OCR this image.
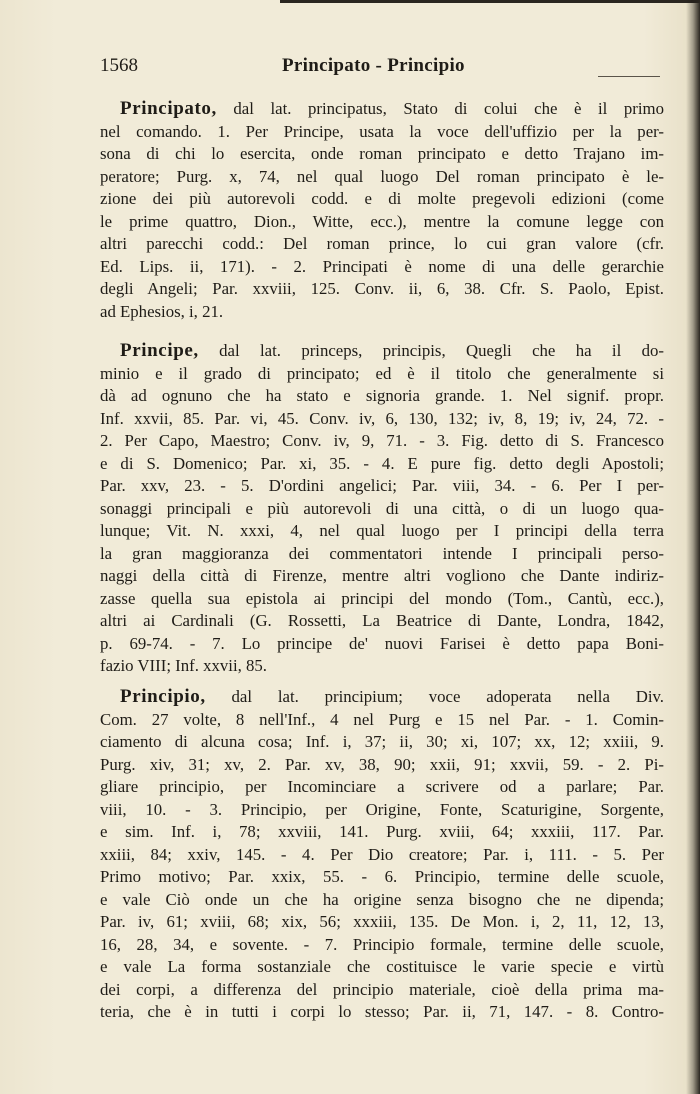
1568	Principato - Principio
Principato, dal lat. principatus, Stato di colui che è il primo
nel comando. 1. Per Principe, usata la voce dell'uffizio per la per-
sona di chi lo esercita, onde roman principato e detto Trajano im-
peratore; Purg. x, 74, nel qual luogo Del roman principato è le-
zione dei più autorevoli codd. e di molte pregevoli edizioni (come
le prime quattro, Dion., Witte, ecc.), mentre la comune legge con
altri parecchi codd.: Del roman prince, lo cui gran valore (cfr.
Ed. Lips. ii, 171). - 2. Principati è nome di una delle gerarchie
degli Angeli; Par. xxviii, 125. Conv. ii, 6, 38. Cfr. S. Paolo, Epist.
ad Ephesios, i, 21.
Principe, dal lat. princeps, principis, Quegli che ha il do-
minio e il grado di principato; ed è il titolo che generalmente si
dà ad ognuno che ha stato e signoria grande. 1. Nel signif. propr.
Inf. xxvii, 85. Par. vi, 45. Conv. iv, 6, 130, 132; iv, 8, 19; iv, 24, 72. -
2. Per Capo, Maestro; Conv. iv, 9, 71. - 3. Fig. detto di S. Francesco
e di S. Domenico; Par. xi, 35. - 4. E pure fig. detto degli Apostoli;
Par. xxv, 23. - 5. D'ordini angelici; Par. viii, 34. - 6. Per I per-
sonaggi principali e più autorevoli di una città, o di un luogo qua-
lunque; Vit. N. xxxi, 4, nel qual luogo per I principi della terra
la gran maggioranza dei commentatori intende I principali perso-
naggi della città di Firenze, mentre altri vogliono che Dante indiriz-
zasse quella sua epistola ai principi del mondo (Tom., Cantù, ecc.),
altri ai Cardinali (G. Rossetti, La Beatrice di Dante, Londra, 1842,
p. 69-74. - 7. Lo principe de' nuovi Farisei è detto papa Boni-
fazio VIII; Inf. xxvii, 85.
Principio, dal lat. principium; voce adoperata nella Div.
Com. 27 volte, 8 nell'Inf., 4 nel Purg e 15 nel Par. - 1. Comin-
ciamento di alcuna cosa; Inf. i, 37; ii, 30; xi, 107; xx, 12; xxiii, 9.
Purg. xiv, 31; xv, 2. Par. xv, 38, 90; xxii, 91; xxvii, 59. - 2. Pi-
gliare principio, per Incominciare a scrivere od a parlare; Par.
viii, 10. - 3. Principio, per Origine, Fonte, Scaturigine, Sorgente,
e sim. Inf. i, 78; xxviii, 141. Purg. xviii, 64; xxxiii, 117. Par.
xxiii, 84; xxiv, 145. - 4. Per Dio creatore; Par. i, 111. - 5. Per
Primo motivo; Par. xxix, 55. - 6. Principio, termine delle scuole,
e vale Ciò onde un che ha origine senza bisogno che ne dipenda;
Par. iv, 61; xviii, 68; xix, 56; xxxiii, 135. De Mon. i, 2, 11, 12, 13,
16, 28, 34, e sovente. - 7. Principio formale, termine delle scuole,
e vale La forma sostanziale che costituisce le varie specie e virtù
dei corpi, a differenza del principio materiale, cioè della prima ma-
teria, che è in tutti i corpi lo stesso; Par. ii, 71, 147. - 8. Contro-
